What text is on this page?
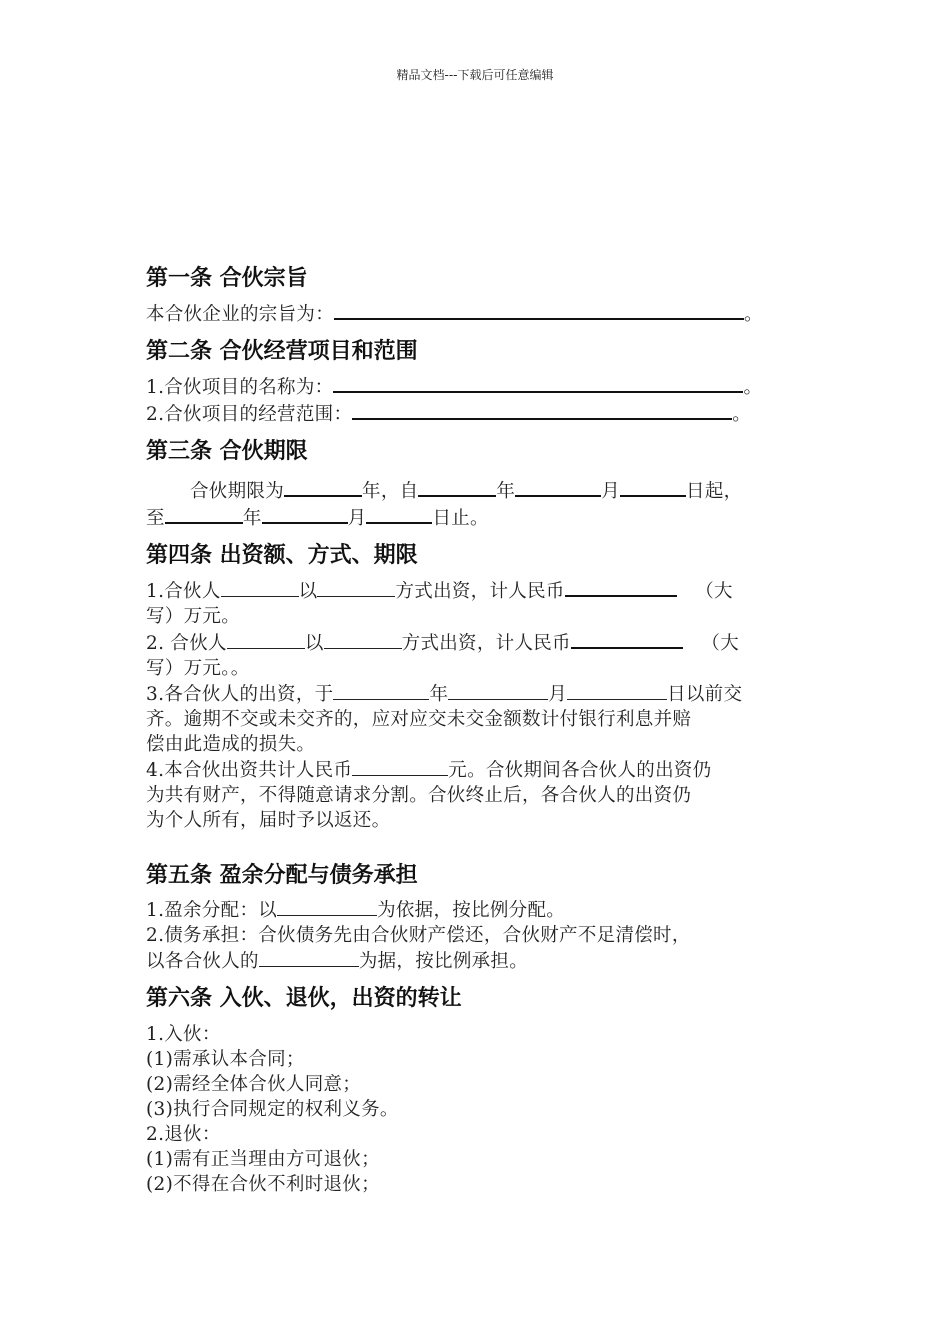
精品文档---下载后可任意编辑
第一条 合伙宗旨

本合伙企业的宗旨为：	。

第二条 合伙经营项目和范围

1.合伙项目的名称为：	。

2.合伙项目的经营范围：	。

第三条 合伙期限

合伙期限为	年，自	年	月	日起，

至	年	月	日止。

第四条 出资额、方式、期限

1.合伙人	以	方式出资，计人民币	（大

写）万元。

2. 合伙人	以	方式出资，计人民币	（大

写）万元。。

3.各合伙人的出资，于	年	月	日以前交

齐。逾期不交或未交齐的，应对应交未交金额数计付银行利息并赔

偿由此造成的损失。

4.本合伙出资共计人民币	元。合伙期间各合伙人的出资仍

为共有财产，不得随意请求分割。合伙终止后，各合伙人的出资仍

为个人所有，届时予以返还。

第五条 盈余分配与债务承担

1.盈余分配：以	为依据，按比例分配。

2.债务承担：合伙债务先由合伙财产偿还，合伙财产不足清偿时，

以各合伙人的	为据，按比例承担。

第六条 入伙、退伙，出资的转让

1.入伙：

(1)需承认本合同；

(2)需经全体合伙人同意；

(3)执行合同规定的权利义务。

2.退伙：

(1)需有正当理由方可退伙；

(2)不得在合伙不利时退伙；
